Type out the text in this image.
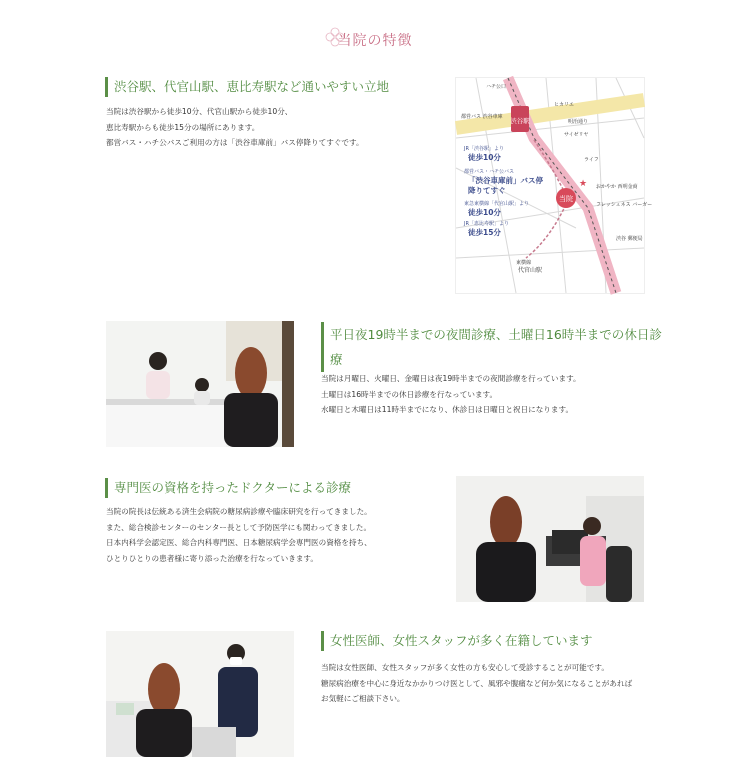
当院の特徴
渋谷駅、代官山駅、恵比寿駅など通いやすい立地

当院は渋谷駅から徒歩10分、代官山駅から徒歩10分、

恵比寿駅からも徒歩15分の場所にあります。

都営バス・ハチ公バスご利用の方は「渋谷車庫前」バス停降りてすぐです。

当院
★
渋谷駅
ハチ公口
都営バス 渋谷車庫
ヒカリエ
明治通り
サイゼリヤ
ライフ
おかやか 西明金商
フレッシュネス バーガー
渋谷 郵便局
東横線
代官山駅
JR「渋谷駅」より
徒歩10分
都営バス・ハチ公バス
「渋谷車庫前」バス停
降りてすぐ
東急東横線「代官山駅」より
徒歩10分
JR「恵比寿駅」より
徒歩15分
平日夜19時半までの夜間診療、土曜日16時半までの休日診
療

当院は月曜日、火曜日、金曜日は夜19時半までの夜間診療を行っています。

土曜日は16時半までの休日診療を行なっています。

水曜日と木曜日は11時半までになり、休診日は日曜日と祝日になります。

専門医の資格を持ったドクターによる診療

当院の院長は伝統ある済生会病院の糖尿病診療や臨床研究を行ってきました。

また、総合検診センターのセンター長として予防医学にも関わってきました。

日本内科学会認定医、総合内科専門医、日本糖尿病学会専門医の資格を持ち、

ひとりひとりの患者様に寄り添った治療を行なっていきます。

女性医師、女性スタッフが多く在籍しています

当院は女性医師、女性スタッフが多く女性の方も安心して受診することが可能です。

糖尿病治療を中心に身近なかかりつけ医として、風邪や腹痛など何か気になることがあれば

お気軽にご相談下さい。
